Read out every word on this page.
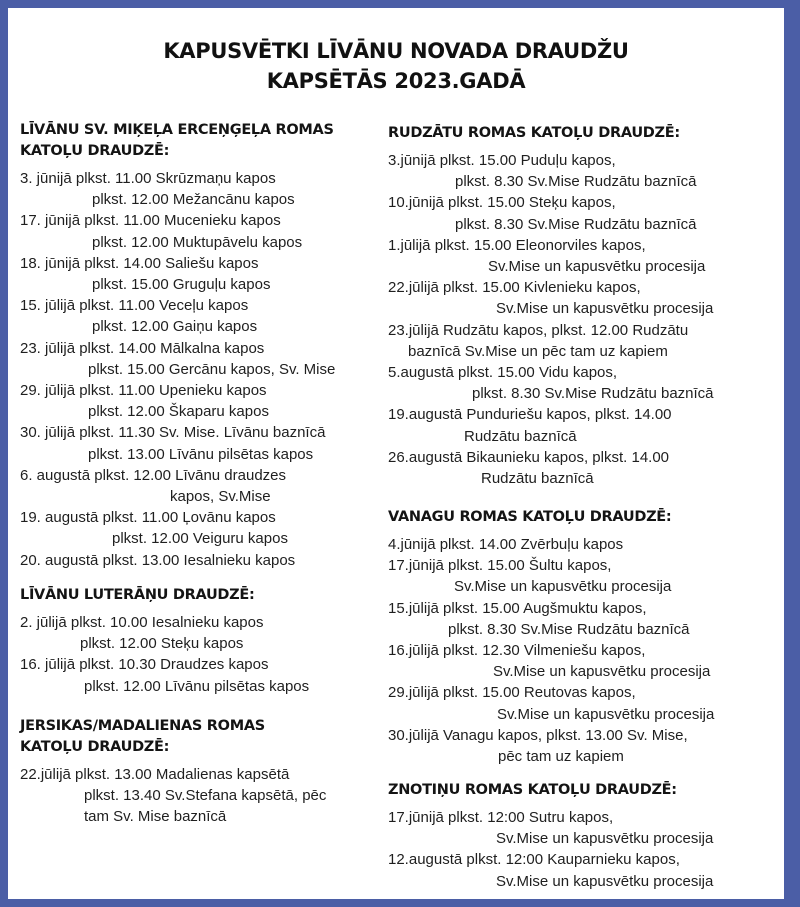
KAPUSVĒTKI LĪVĀNU NOVADA DRAUDŽU
KAPSĒTĀS 2023.GADĀ
LĪVĀNU SV. MIĶEĻA ERCEŅĢEĻA ROMAS
KATOĻU DRAUDZĒ:
3. jūnijā plkst. 11.00 Skrūzmaņu kapos
plkst. 12.00 Mežancānu kapos
17. jūnijā plkst. 11.00 Mucenieku kapos
plkst. 12.00 Muktupāvelu kapos
18. jūnijā plkst. 14.00 Saliešu kapos
plkst. 15.00 Gruguļu kapos
15. jūlijā plkst. 11.00 Veceļu kapos
plkst. 12.00 Gaiņu kapos
23. jūlijā plkst. 14.00 Mālkalna kapos
plkst. 15.00 Gercānu kapos, Sv. Mise
29. jūlijā plkst. 11.00 Upenieku kapos
plkst. 12.00 Škaparu kapos
30. jūlijā plkst. 11.30 Sv. Mise. Līvānu baznīcā
plkst. 13.00 Līvānu pilsētas kapos
6. augustā plkst. 12.00 Līvānu draudzes
kapos, Sv.Mise
19. augustā plkst. 11.00 Ļovānu kapos
plkst. 12.00 Veiguru kapos
20. augustā plkst. 13.00 Iesalnieku kapos
LĪVĀNU LUTERĀŅU DRAUDZĒ:
2. jūlijā plkst. 10.00 Iesalnieku kapos
plkst. 12.00 Steķu kapos
16. jūlijā plkst. 10.30 Draudzes kapos
plkst. 12.00 Līvānu pilsētas kapos
JERSIKAS/MADALIENAS ROMAS
KATOĻU DRAUDZĒ:
22.jūlijā plkst. 13.00 Madalienas kapsētā
plkst. 13.40 Sv.Stefana kapsētā, pēc
tam Sv. Mise baznīcā
RUDZĀTU ROMAS KATOĻU DRAUDZĒ:
3.jūnijā plkst. 15.00 Puduļu kapos,
plkst. 8.30 Sv.Mise Rudzātu baznīcā
10.jūnijā plkst. 15.00 Steķu kapos,
plkst. 8.30 Sv.Mise Rudzātu baznīcā
1.jūlijā plkst. 15.00 Eleonorviles kapos,
Sv.Mise un kapusvētku procesija
22.jūlijā plkst. 15.00 Kivlenieku kapos,
Sv.Mise un kapusvētku procesija
23.jūlijā Rudzātu kapos, plkst. 12.00 Rudzātu
baznīcā Sv.Mise un pēc tam uz kapiem
5.augustā plkst. 15.00 Vidu kapos,
plkst. 8.30 Sv.Mise Rudzātu baznīcā
19.augustā Punduriešu kapos, plkst. 14.00
Rudzātu baznīcā
26.augustā Bikaunieku kapos, plkst. 14.00
Rudzātu baznīcā
VANAGU ROMAS KATOĻU DRAUDZĒ:
4.jūnijā plkst. 14.00 Zvērbuļu kapos
17.jūnijā plkst. 15.00 Šultu kapos,
Sv.Mise un kapusvētku procesija
15.jūlijā plkst. 15.00 Augšmuktu kapos,
plkst. 8.30 Sv.Mise Rudzātu baznīcā
16.jūlijā plkst. 12.30 Vilmeniešu kapos,
Sv.Mise un kapusvētku procesija
29.jūlijā plkst. 15.00 Reutovas kapos,
Sv.Mise un kapusvētku procesija
30.jūlijā Vanagu kapos, plkst. 13.00 Sv. Mise,
pēc tam uz kapiem
ZNOTIŅU ROMAS KATOĻU DRAUDZĒ:
17.jūnijā plkst. 12:00 Sutru kapos,
Sv.Mise un kapusvētku procesija
12.augustā plkst. 12:00 Kauparnieku kapos,
Sv.Mise un kapusvētku procesija
